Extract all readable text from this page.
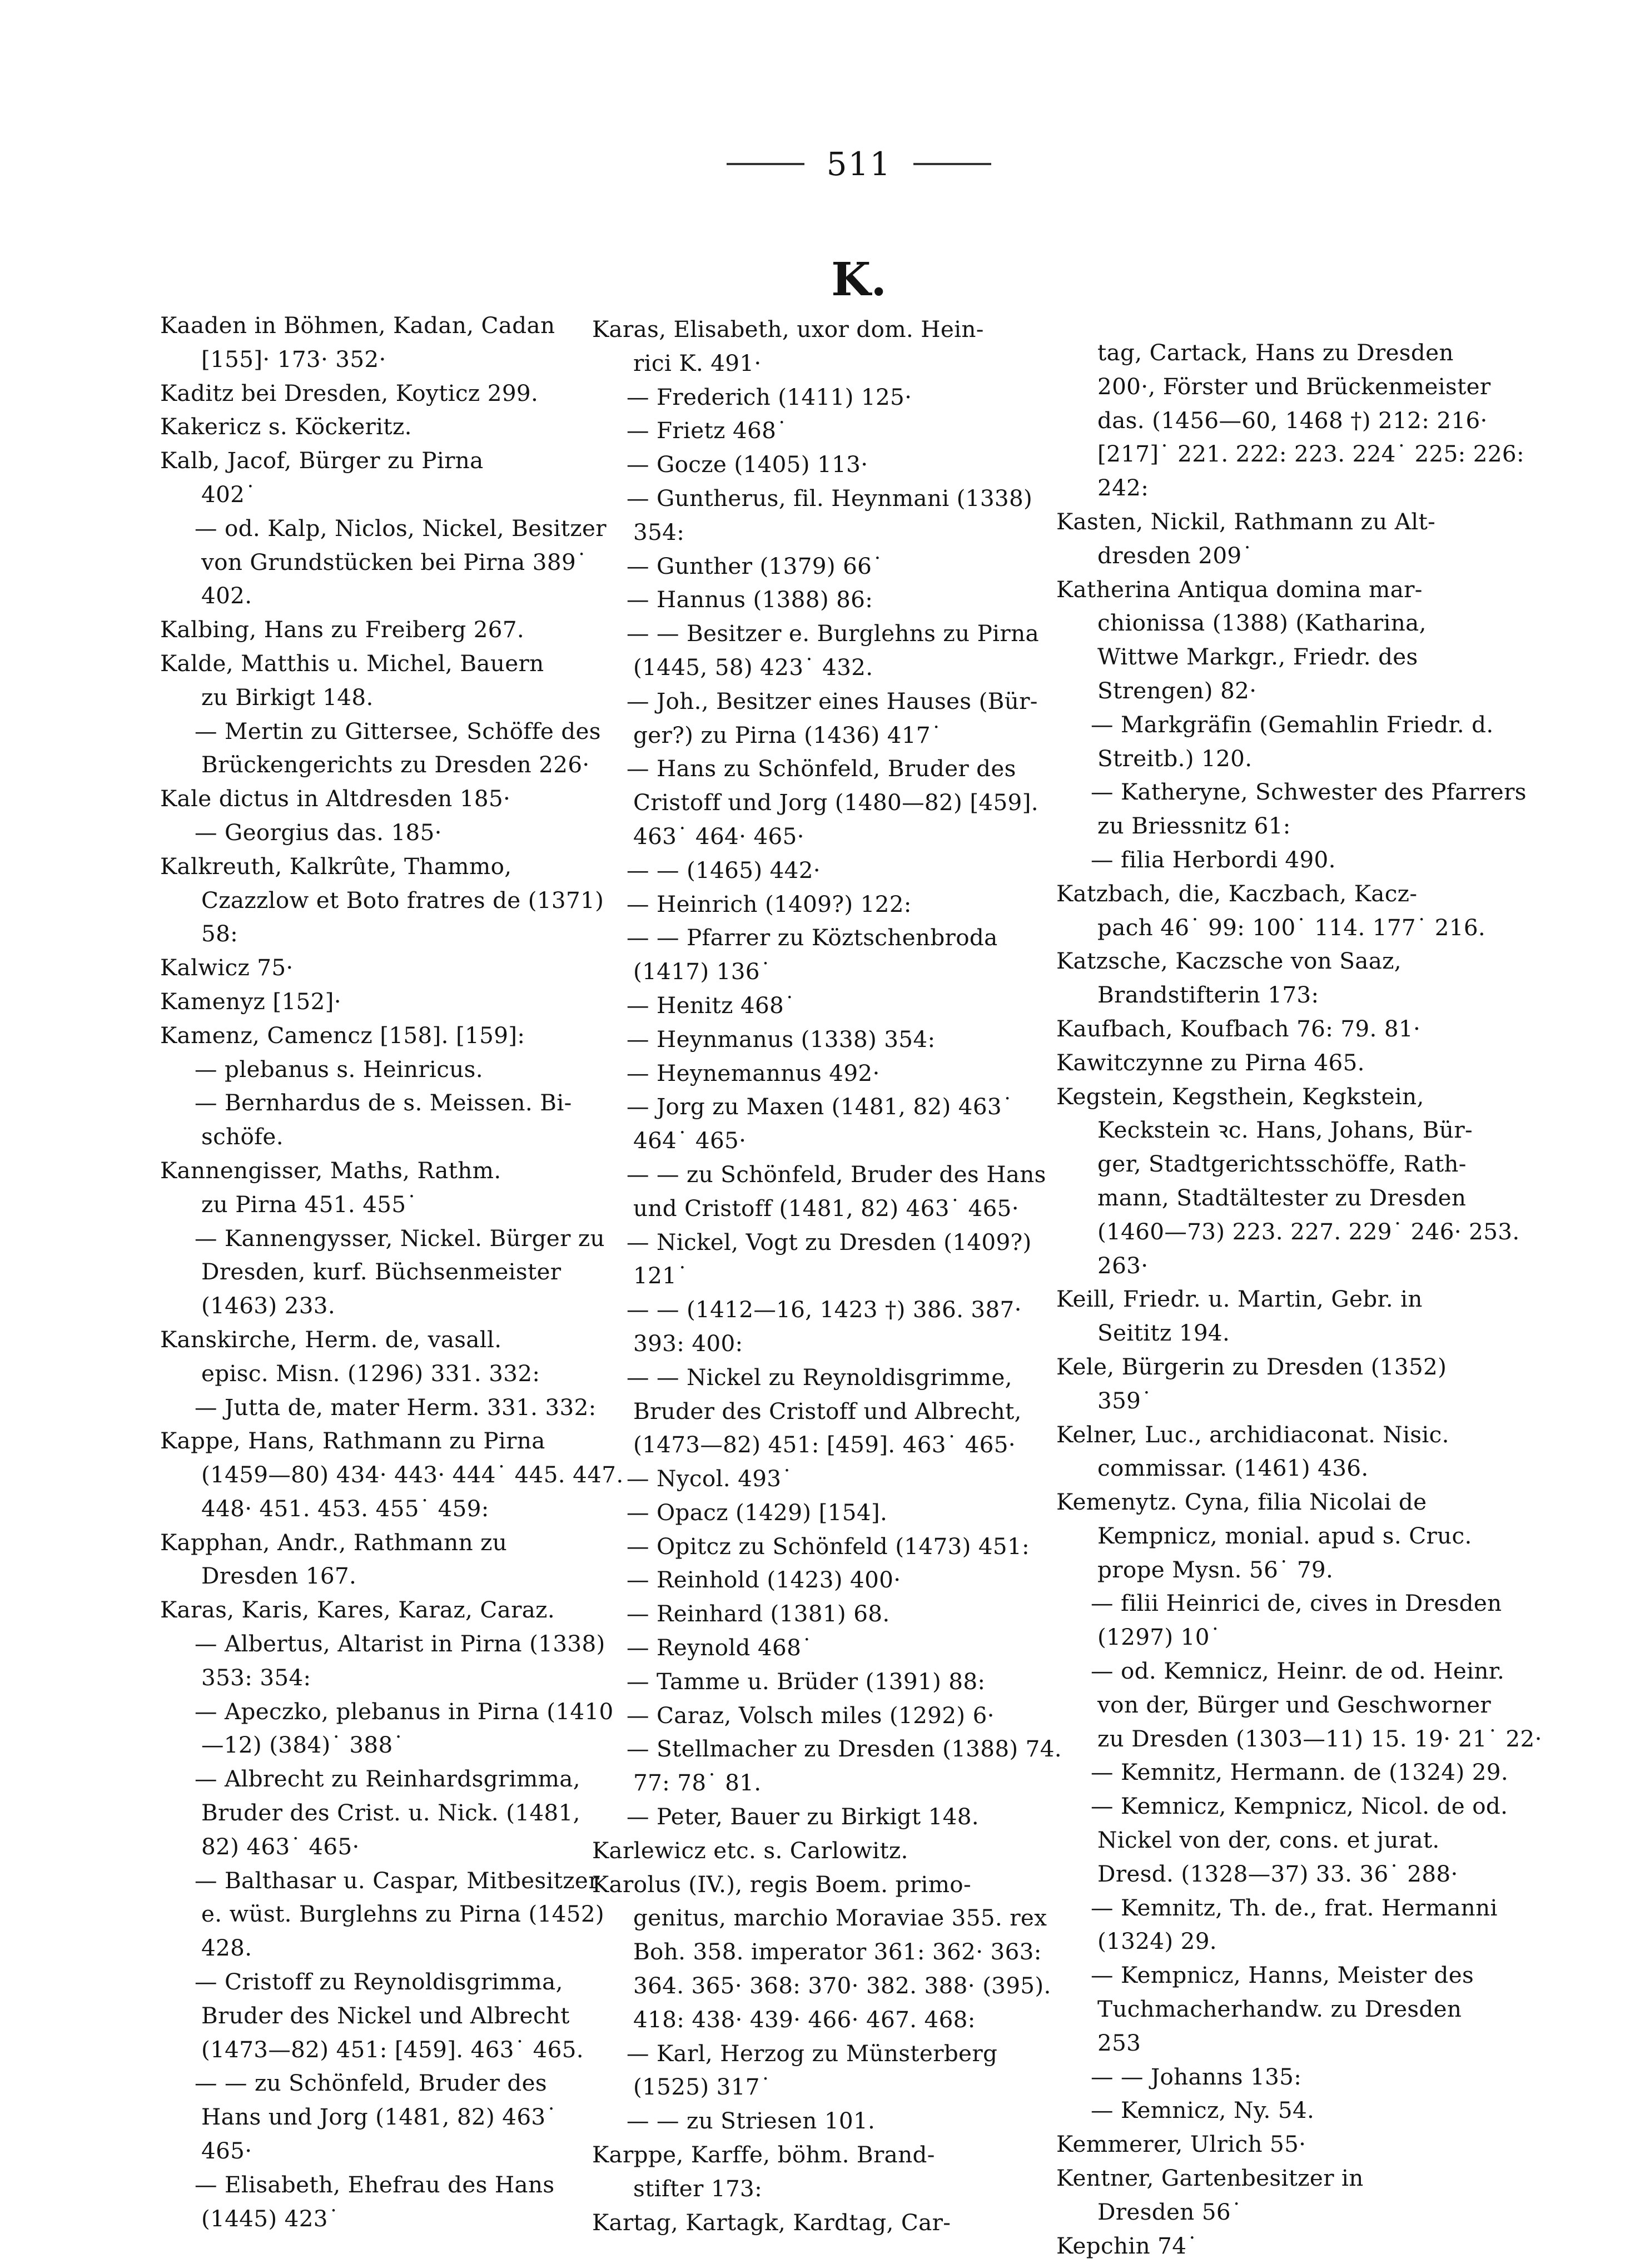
511
K.
Kaaden in Böhmen, Kadan, Cadan
[155]· 173· 352·
Kaditz bei Dresden, Koyticz 299.
Kakericz s. Köckeritz.
Kalb, Jacof, Bürger zu Pirna
402˙
— od. Kalp, Niclos, Nickel, Besitzer
von Grundstücken bei Pirna 389˙
402.
Kalbing, Hans zu Freiberg 267.
Kalde, Matthis u. Michel, Bauern
zu Birkigt 148.
— Mertin zu Gittersee, Schöffe des
Brückengerichts zu Dresden 226·
Kale dictus in Altdresden 185·
— Georgius das. 185·
Kalkreuth, Kalkrûte, Thammo,
Czazzlow et Boto fratres de (1371)
58:
Kalwicz 75·
Kamenyz [152]·
Kamenz, Camencz [158]. [159]:
— plebanus s. Heinricus.
— Bernhardus de s. Meissen. Bi-
schöfe.
Kannengisser, Maths, Rathm.
zu Pirna 451. 455˙
— Kannengysser, Nickel. Bürger zu
Dresden, kurf. Büchsenmeister
(1463) 233.
Kanskirche, Herm. de, vasall.
episc. Misn. (1296) 331. 332:
— Jutta de, mater Herm. 331. 332:
Kappe, Hans, Rathmann zu Pirna
(1459—80) 434· 443· 444˙ 445. 447.
448· 451. 453. 455˙ 459:
Kapphan, Andr., Rathmann zu
Dresden 167.
Karas, Karis, Kares, Karaz, Caraz.
— Albertus, Altarist in Pirna (1338)
353: 354:
— Apeczko, plebanus in Pirna (1410
—12) (384)˙ 388˙
— Albrecht zu Reinhardsgrimma,
Bruder des Crist. u. Nick. (1481,
82) 463˙ 465·
— Balthasar u. Caspar, Mitbesitzer
e. wüst. Burglehns zu Pirna (1452)
428.
— Cristoff zu Reynoldisgrimma,
Bruder des Nickel und Albrecht
(1473—82) 451: [459]. 463˙ 465.
— — zu Schönfeld, Bruder des
Hans und Jorg (1481, 82) 463˙
465·
— Elisabeth, Ehefrau des Hans
(1445) 423˙
Karas, Elisabeth, uxor dom. Hein-
rici K. 491·
— Frederich (1411) 125·
— Frietz 468˙
— Gocze (1405) 113·
— Guntherus, fil. Heynmani (1338)
354:
— Gunther (1379) 66˙
— Hannus (1388) 86:
— — Besitzer e. Burglehns zu Pirna
(1445, 58) 423˙ 432.
— Joh., Besitzer eines Hauses (Bür-
ger?) zu Pirna (1436) 417˙
— Hans zu Schönfeld, Bruder des
Cristoff und Jorg (1480—82) [459].
463˙ 464· 465·
— — (1465) 442·
— Heinrich (1409?) 122:
— — Pfarrer zu Köztschenbroda
(1417) 136˙
— Henitz 468˙
— Heynmanus (1338) 354:
— Heynemannus 492·
— Jorg zu Maxen (1481, 82) 463˙
464˙ 465·
— — zu Schönfeld, Bruder des Hans
und Cristoff (1481, 82) 463˙ 465·
— Nickel, Vogt zu Dresden (1409?)
121˙
— — (1412—16, 1423 †) 386. 387·
393: 400:
— — Nickel zu Reynoldisgrimme,
Bruder des Cristoff und Albrecht,
(1473—82) 451: [459]. 463˙ 465·
— Nycol. 493˙
— Opacz (1429) [154].
— Opitcz zu Schönfeld (1473) 451:
— Reinhold (1423) 400·
— Reinhard (1381) 68.
— Reynold 468˙
— Tamme u. Brüder (1391) 88:
— Caraz, Volsch miles (1292) 6·
— Stellmacher zu Dresden (1388) 74.
77: 78˙ 81.
— Peter, Bauer zu Birkigt 148.
Karlewicz etc. s. Carlowitz.
Karolus (IV.), regis Boem. primo-
genitus, marchio Moraviae 355. rex
Boh. 358. imperator 361: 362· 363:
364. 365· 368: 370· 382. 388· (395).
418: 438· 439· 466· 467. 468:
— Karl, Herzog zu Münsterberg
(1525) 317˙
— — zu Striesen 101.
Karppe, Karffe, böhm. Brand-
stifter 173:
Kartag, Kartagk, Kardtag, Car-
tag, Cartack, Hans zu Dresden
200·, Förster und Brückenmeister
das. (1456—60, 1468 †) 212: 216·
[217]˙ 221. 222: 223. 224˙ 225: 226:
242:
Kasten, Nickil, Rathmann zu Alt-
dresden 209˙
Katherina Antiqua domina mar-
chionissa (1388) (Katharina,
Wittwe Markgr., Friedr. des
Strengen) 82·
— Markgräfin (Gemahlin Friedr. d.
Streitb.) 120.
— Katheryne, Schwester des Pfarrers
zu Briessnitz 61:
— filia Herbordi 490.
Katzbach, die, Kaczbach, Kacz-
pach 46˙ 99: 100˙ 114. 177˙ 216.
Katzsche, Kaczsche von Saaz,
Brandstifterin 173:
Kaufbach, Koufbach 76: 79. 81·
Kawitczynne zu Pirna 465.
Kegstein, Kegsthein, Kegkstein,
Keckstein ꝛc. Hans, Johans, Bür-
ger, Stadtgerichtsschöffe, Rath-
mann, Stadtältester zu Dresden
(1460—73) 223. 227. 229˙ 246· 253.
263·
Keill, Friedr. u. Martin, Gebr. in
Seititz 194.
Kele, Bürgerin zu Dresden (1352)
359˙
Kelner, Luc., archidiaconat. Nisic.
commissar. (1461) 436.
Kemenytz. Cyna, filia Nicolai de
Kempnicz, monial. apud s. Cruc.
prope Mysn. 56˙ 79.
— filii Heinrici de, cives in Dresden
(1297) 10˙
— od. Kemnicz, Heinr. de od. Heinr.
von der, Bürger und Geschworner
zu Dresden (1303—11) 15. 19· 21˙ 22·
— Kemnitz, Hermann. de (1324) 29.
— Kemnicz, Kempnicz, Nicol. de od.
Nickel von der, cons. et jurat.
Dresd. (1328—37) 33. 36˙ 288·
— Kemnitz, Th. de., frat. Hermanni
(1324) 29.
— Kempnicz, Hanns, Meister des
Tuchmacherhandw. zu Dresden
253
— — Johanns 135:
— Kemnicz, Ny. 54.
Kemmerer, Ulrich 55·
Kentner, Gartenbesitzer in
Dresden 56˙
Kepchin 74˙
